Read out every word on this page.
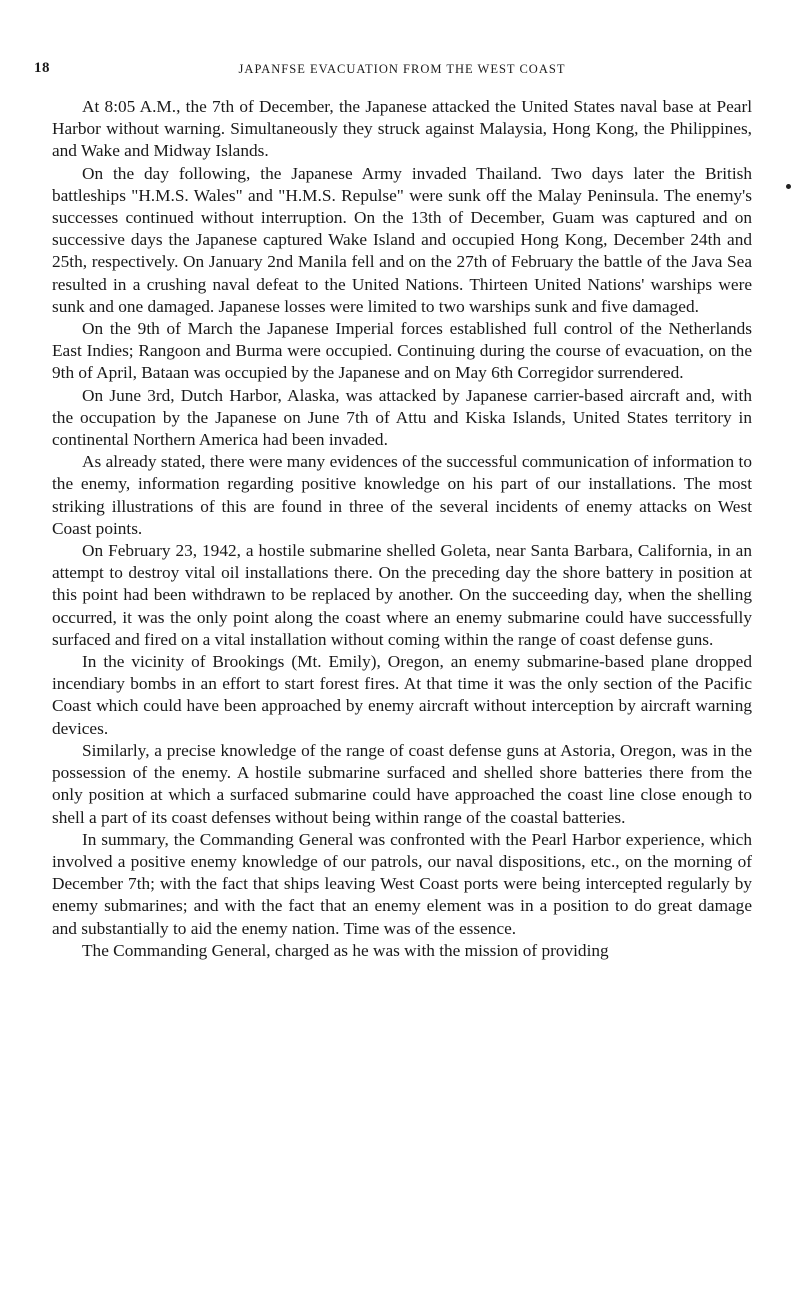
18	JAPANFSE EVACUATION FROM THE WEST COAST

At 8:05 A.M., the 7th of December, the Japanese attacked the United States naval base at Pearl Harbor without warning. Simultaneously they struck against Malaysia, Hong Kong, the Philippines, and Wake and Midway Islands.

On the day following, the Japanese Army invaded Thailand. Two days later the British battleships "H.M.S. Wales" and "H.M.S. Repulse" were sunk off the Malay Peninsula. The enemy's successes continued without interruption. On the 13th of December, Guam was captured and on successive days the Japanese captured Wake Island and occupied Hong Kong, December 24th and 25th, respectively. On January 2nd Manila fell and on the 27th of February the battle of the Java Sea resulted in a crushing naval defeat to the United Nations. Thirteen United Nations' warships were sunk and one damaged. Japanese losses were limited to two warships sunk and five damaged.

On the 9th of March the Japanese Imperial forces established full control of the Netherlands East Indies; Rangoon and Burma were occupied. Continuing during the course of evacuation, on the 9th of April, Bataan was occupied by the Japanese and on May 6th Corregidor surrendered.

On June 3rd, Dutch Harbor, Alaska, was attacked by Japanese carrier-based aircraft and, with the occupation by the Japanese on June 7th of Attu and Kiska Islands, United States territory in continental Northern America had been invaded.

As already stated, there were many evidences of the successful communication of information to the enemy, information regarding positive knowledge on his part of our installations. The most striking illustrations of this are found in three of the several incidents of enemy attacks on West Coast points.

On February 23, 1942, a hostile submarine shelled Goleta, near Santa Barbara, California, in an attempt to destroy vital oil installations there. On the preceding day the shore battery in position at this point had been withdrawn to be replaced by another. On the succeeding day, when the shelling occurred, it was the only point along the coast where an enemy submarine could have successfully surfaced and fired on a vital installation without coming within the range of coast defense guns.

In the vicinity of Brookings (Mt. Emily), Oregon, an enemy submarine-based plane dropped incendiary bombs in an effort to start forest fires. At that time it was the only section of the Pacific Coast which could have been approached by enemy aircraft without interception by aircraft warning devices.

Similarly, a precise knowledge of the range of coast defense guns at Astoria, Oregon, was in the possession of the enemy. A hostile submarine surfaced and shelled shore batteries there from the only position at which a surfaced submarine could have approached the coast line close enough to shell a part of its coast defenses without being within range of the coastal batteries.

In summary, the Commanding General was confronted with the Pearl Harbor experience, which involved a positive enemy knowledge of our patrols, our naval dispositions, etc., on the morning of December 7th; with the fact that ships leaving West Coast ports were being intercepted regularly by enemy submarines; and with the fact that an enemy element was in a position to do great damage and substantially to aid the enemy nation. Time was of the essence.

The Commanding General, charged as he was with the mission of providing
